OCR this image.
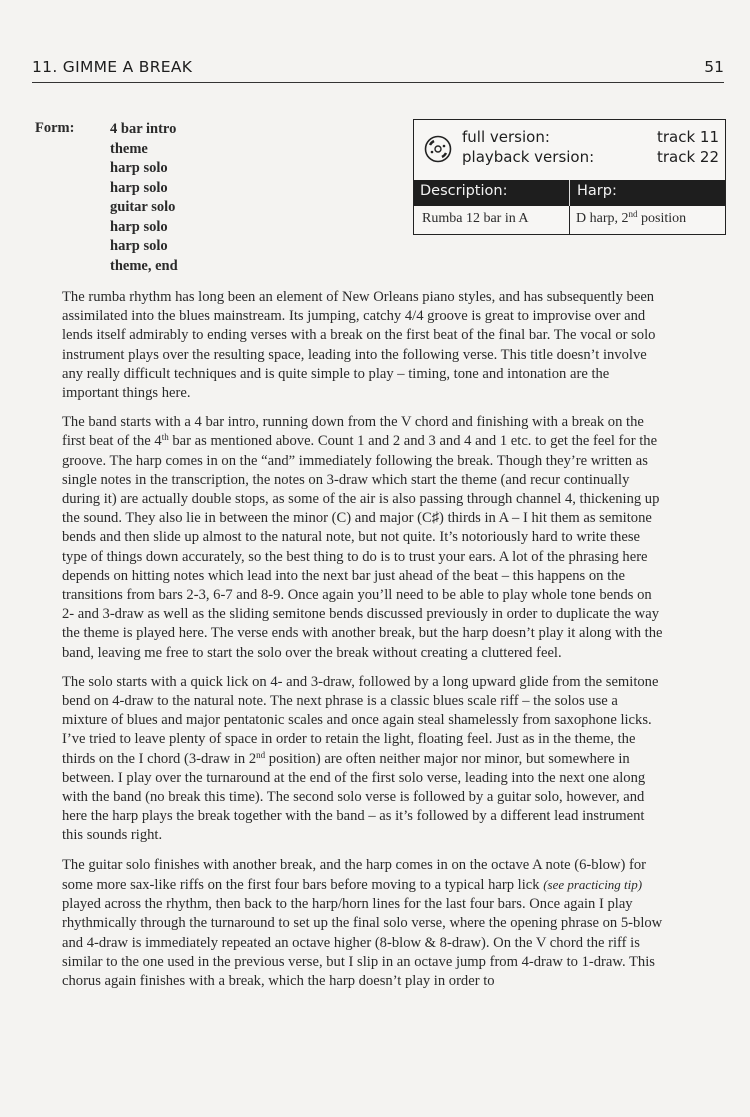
11. GIMME A BREAK	51
Form: 4 bar intro
theme
harp solo
harp solo
guitar solo
harp solo
harp solo
theme, end
full version:	track 11
playback version:	track 22
Description:	Harp:
Rumba 12 bar in A	D harp, 2nd position

The rumba rhythm has long been an element of New Orleans piano styles, and has subsequently been assimilated into the blues mainstream. Its jumping, catchy 4/4 groove is great to improvise over and lends itself admirably to ending verses with a break on the first beat of the final bar. The vocal or solo instrument plays over the resulting space, leading into the following verse. This title doesn’t involve any really difficult techniques and is quite simple to play – timing, tone and intonation are the important things here.

The band starts with a 4 bar intro, running down from the V chord and finishing with a break on the first beat of the 4th bar as mentioned above. Count 1 and 2 and 3 and 4 and 1 etc. to get the feel for the groove. The harp comes in on the “and” immediately following the break. Though they’re written as single notes in the transcription, the notes on 3-draw which start the theme (and recur continually during it) are actually double stops, as some of the air is also passing through channel 4, thickening up the sound. They also lie in between the minor (C) and major (C♯) thirds in A – I hit them as semitone bends and then slide up almost to the natural note, but not quite. It’s notoriously hard to write these type of things down accurately, so the best thing to do is to trust your ears. A lot of the phrasing here depends on hitting notes which lead into the next bar just ahead of the beat – this happens on the transitions from bars 2-3, 6-7 and 8-9. Once again you’ll need to be able to play whole tone bends on 2- and 3-draw as well as the sliding semitone bends discussed previously in order to duplicate the way the theme is played here. The verse ends with another break, but the harp doesn’t play it along with the band, leaving me free to start the solo over the break without creating a cluttered feel.

The solo starts with a quick lick on 4- and 3-draw, followed by a long upward glide from the semitone bend on 4-draw to the natural note. The next phrase is a classic blues scale riff – the solos use a mixture of blues and major pentatonic scales and once again steal shamelessly from saxophone licks. I’ve tried to leave plenty of space in order to retain the light, floating feel. Just as in the theme, the thirds on the I chord (3-draw in 2nd position) are often neither major nor minor, but somewhere in between. I play over the turnaround at the end of the first solo verse, leading into the next one along with the band (no break this time). The second solo verse is followed by a guitar solo, however, and here the harp plays the break together with the band – as it’s followed by a different lead instrument this sounds right.

The guitar solo finishes with another break, and the harp comes in on the octave A note (6-blow) for some more sax-like riffs on the first four bars before moving to a typical harp lick (see practicing tip) played across the rhythm, then back to the harp/horn lines for the last four bars. Once again I play rhythmically through the turnaround to set up the final solo verse, where the opening phrase on 5-blow and 4-draw is immediately repeated an octave higher (8-blow & 8-draw). On the V chord the riff is similar to the one used in the previous verse, but I slip in an octave jump from 4-draw to 1-draw. This chorus again finishes with a break, which the harp doesn’t play in order to
